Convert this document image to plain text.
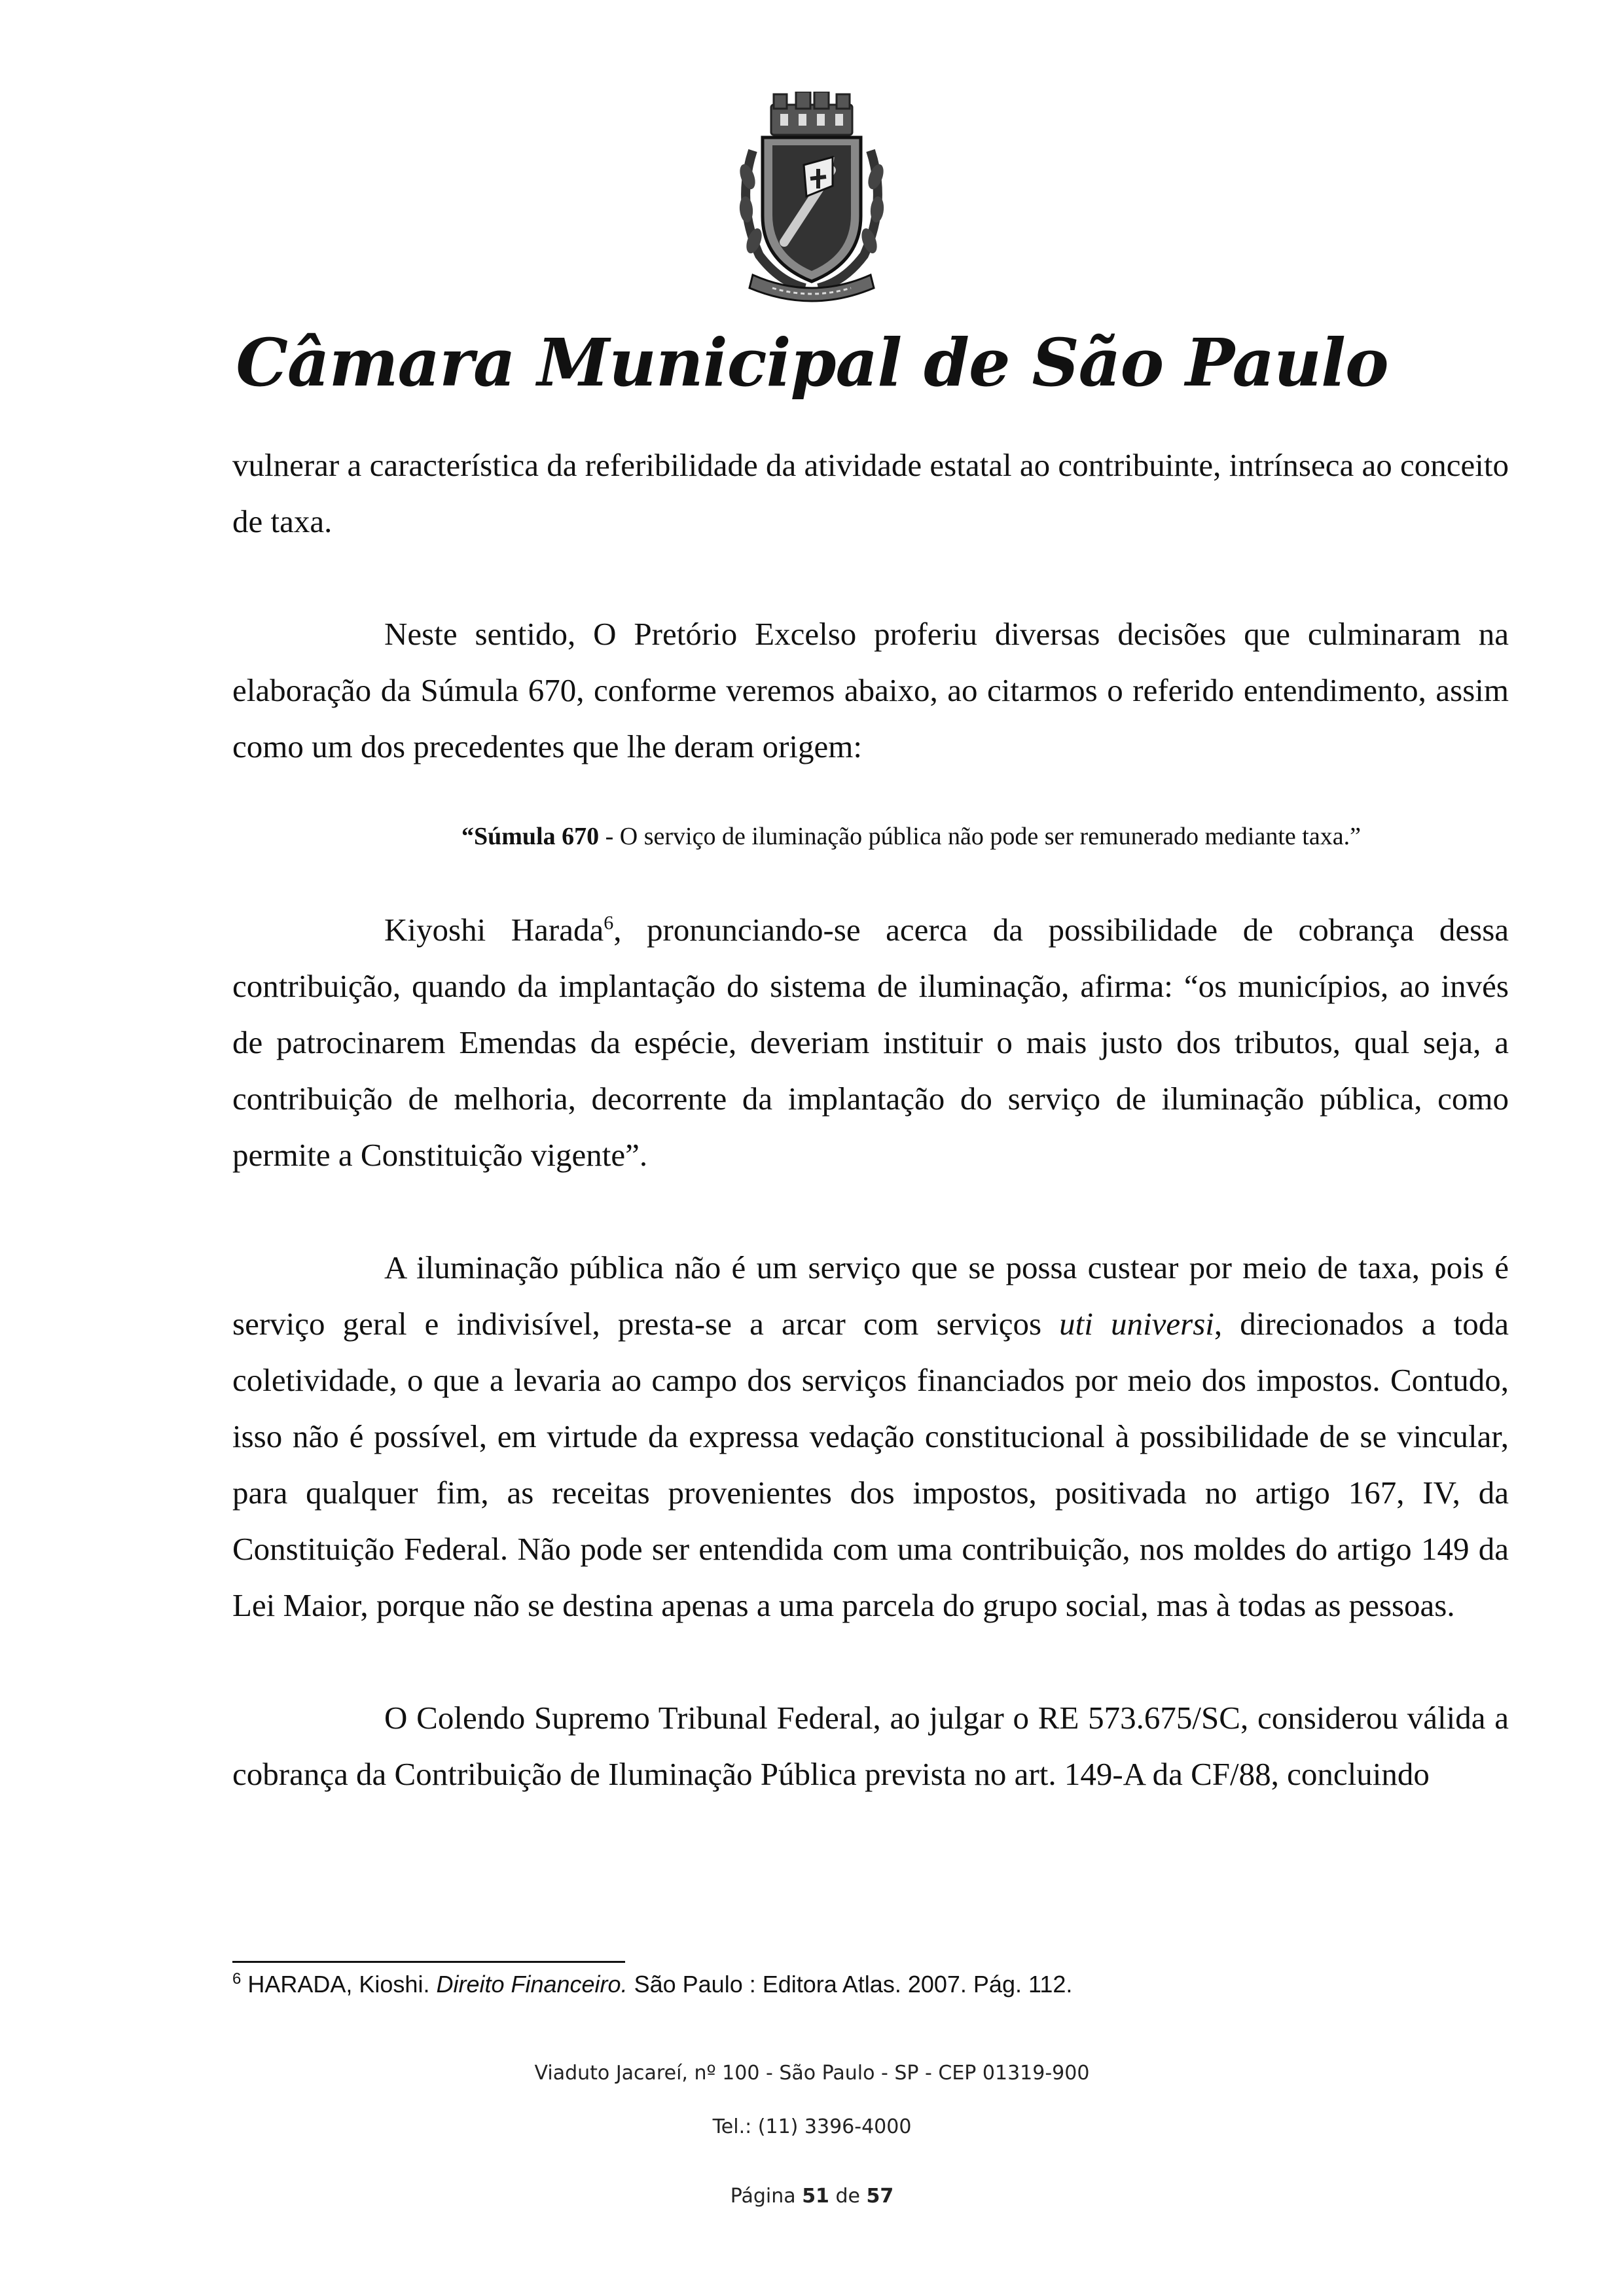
Câmara Municipal de São Paulo

vulnerar a característica da referibilidade da atividade estatal ao contribuinte, intrínseca ao conceito de taxa.

Neste sentido, O Pretório Excelso proferiu diversas decisões que culminaram na elaboração da Súmula 670, conforme veremos abaixo, ao citarmos o referido entendimento, assim como um dos precedentes que lhe deram origem:

“Súmula 670 - O serviço de iluminação pública não pode ser remunerado mediante taxa.”

Kiyoshi Harada$^6$, pronunciando-se acerca da possibilidade de cobrança dessa contribuição, quando da implantação do sistema de iluminação, afirma: “os municípios, ao invés de patrocinarem Emendas da espécie, deveriam instituir o mais justo dos tributos, qual seja, a contribuição de melhoria, decorrente da implantação do serviço de iluminação pública, como permite a Constituição vigente”.

A iluminação pública não é um serviço que se possa custear por meio de taxa, pois é serviço geral e indivisível, presta-se a arcar com serviços uti universi, direcionados a toda coletividade, o que a levaria ao campo dos serviços financiados por meio dos impostos. Contudo, isso não é possível, em virtude da expressa vedação constitucional à possibilidade de se vincular, para qualquer fim, as receitas provenientes dos impostos, positivada no artigo 167, IV, da Constituição Federal. Não pode ser entendida com uma contribuição, nos moldes do artigo 149 da Lei Maior, porque não se destina apenas a uma parcela do grupo social, mas à todas as pessoas.

O Colendo Supremo Tribunal Federal, ao julgar o RE 573.675/SC, considerou válida a cobrança da Contribuição de Iluminação Pública prevista no art. 149-A da CF/88, concluindo

$^6$ HARADA, Kioshi. Direito Financeiro. São Paulo : Editora Atlas. 2007. Pág. 112.
Viaduto Jacareí, nº 100 - São Paulo - SP - CEP 01319-900
Tel.: (11) 3396-4000
Página 51 de 57
